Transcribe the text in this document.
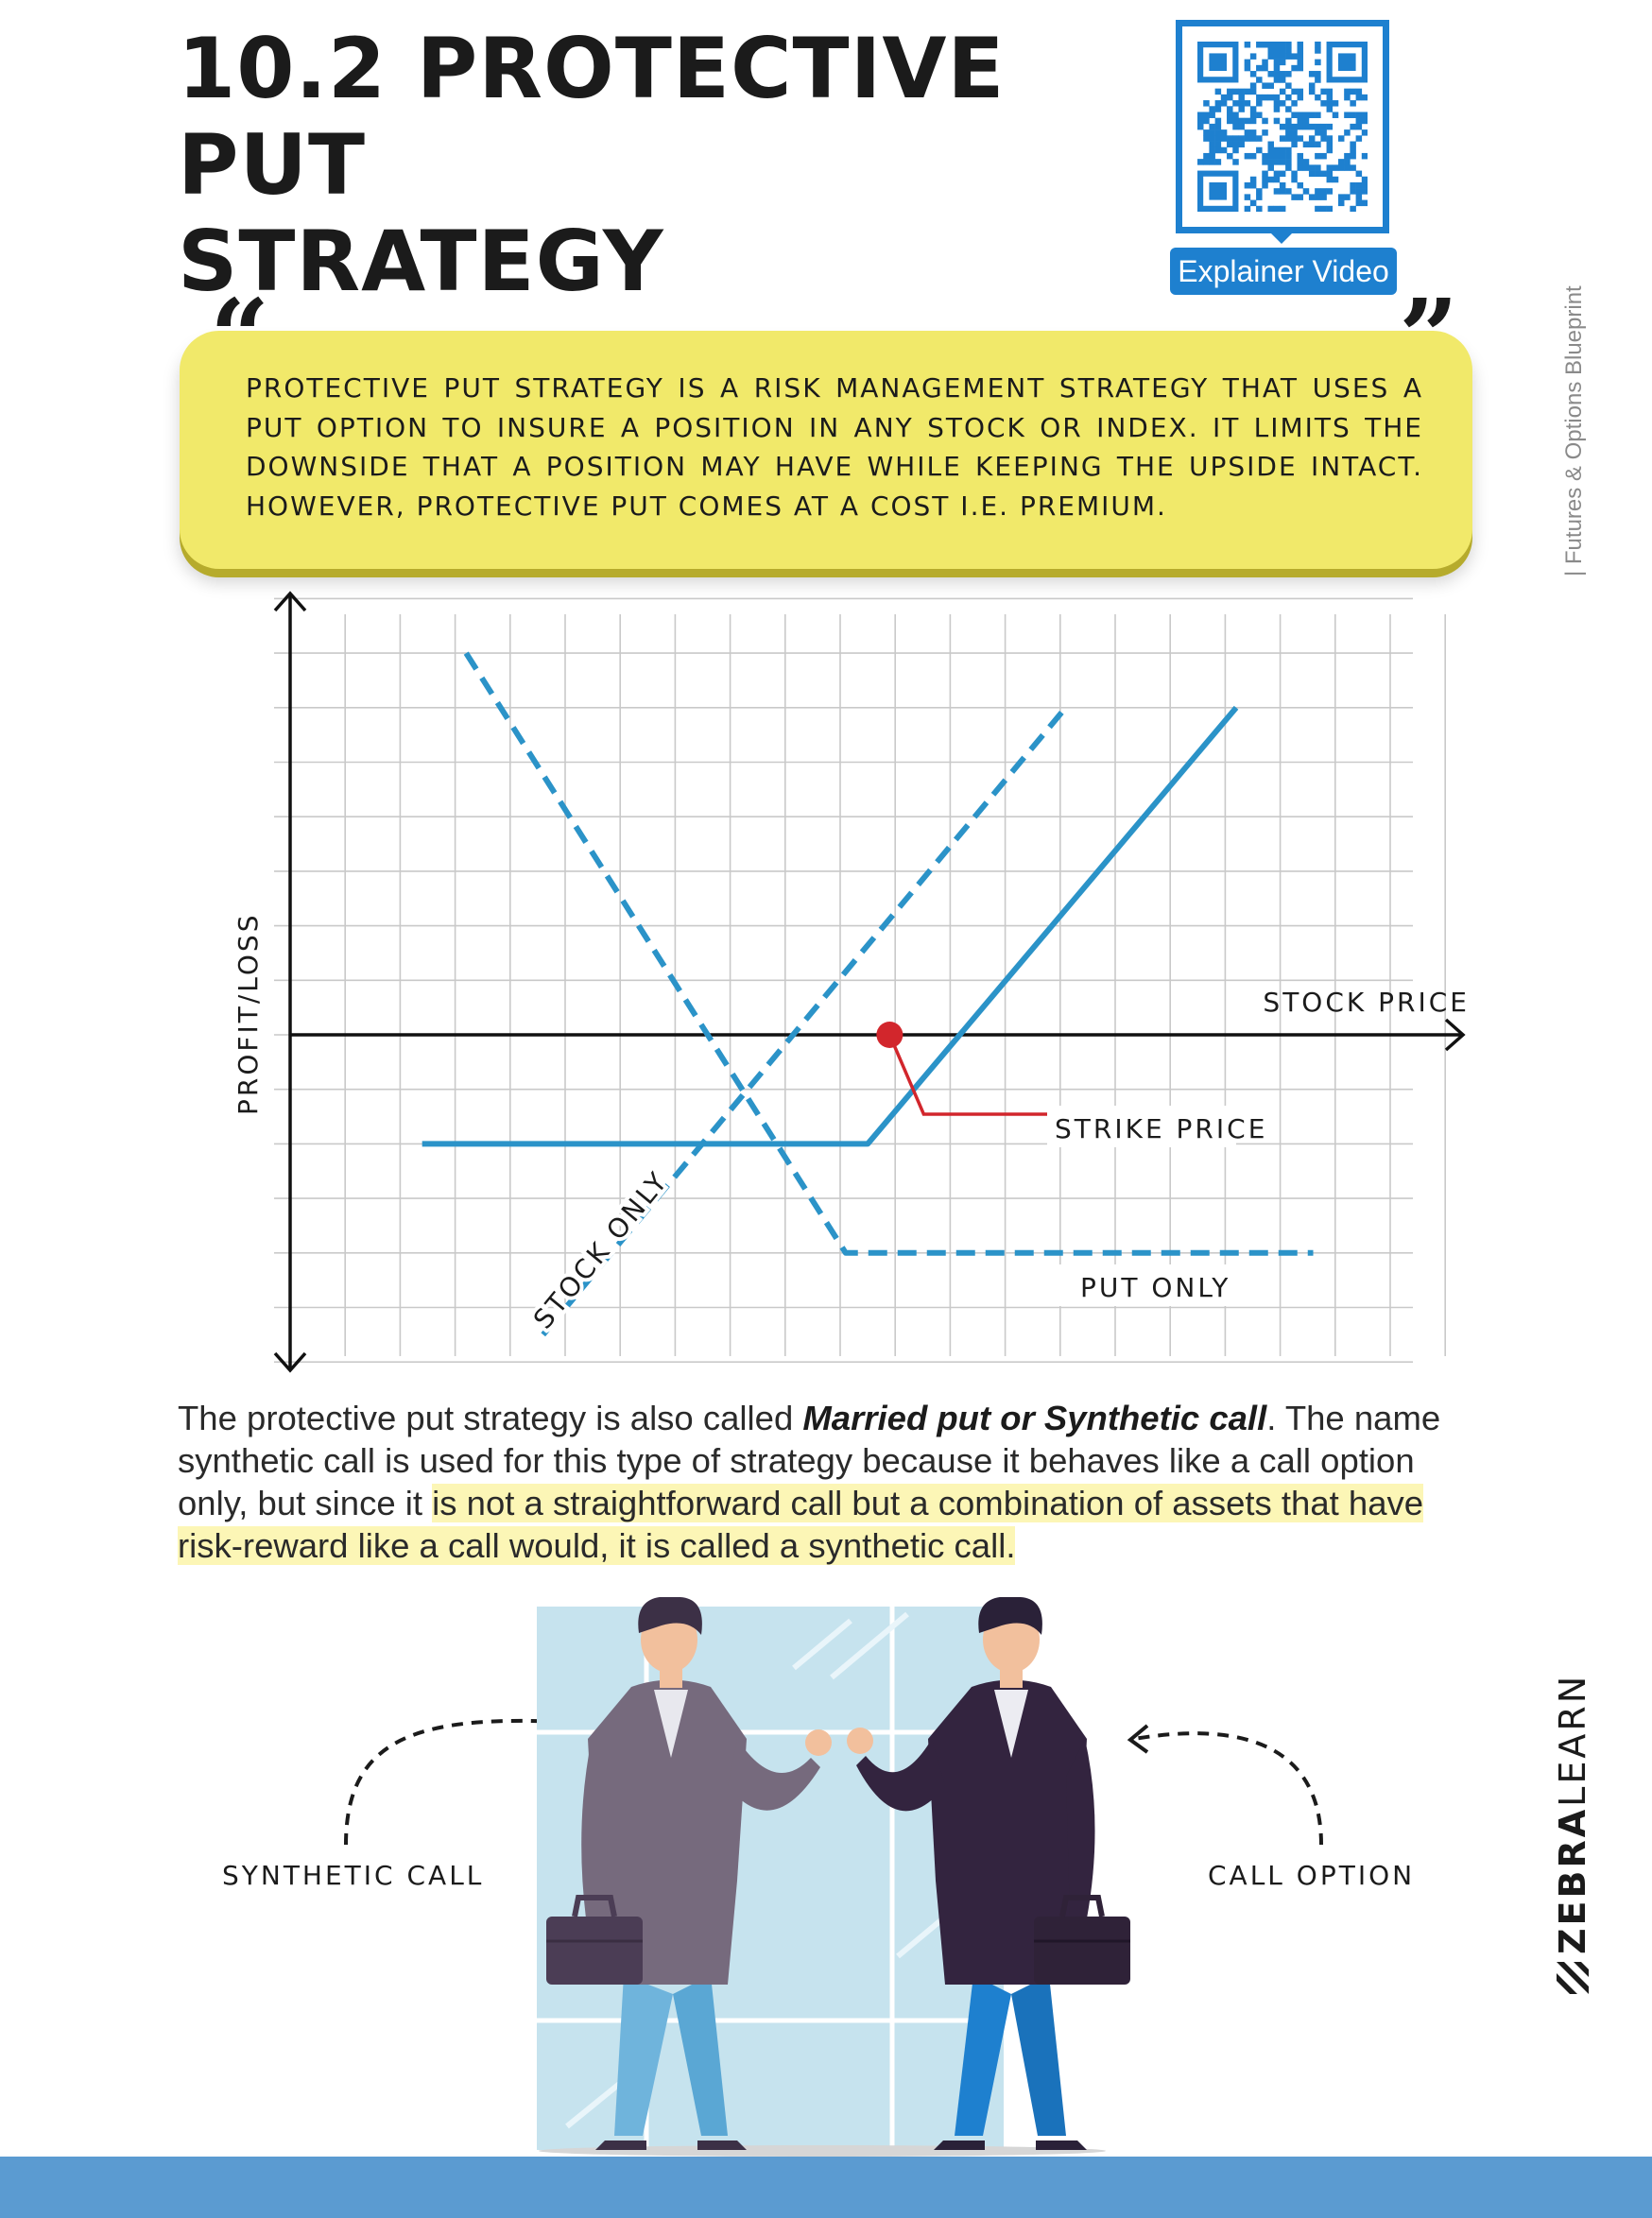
10.2 PROTECTIVE PUT
STRATEGY	Explainer Video
| Futures & Options Blueprint

PROTECTIVE PUT STRATEGY IS A RISK MANAGEMENT STRATEGY THAT USES A PUT OPTION TO INSURE A POSITION IN ANY STOCK OR INDEX. IT LIMITS THE DOWNSIDE THAT A POSITION MAY HAVE WHILE KEEPING THE UPSIDE INTACT. HOWEVER, PROTECTIVE PUT COMES AT A COST I.E. PREMIUM.

”
STOCK PRICE
PROFIT/LOSS
STRIKE PRICE
PUT ONLY
STOCK ONLY

The protective put strategy is also called Married put or Synthetic call. The name synthetic call is used for this type of strategy because it behaves like a call option only, but since it is not a straightforward call but a combination of assets that have risk-reward like a call would, it is called a synthetic call.

SYNTHETIC CALL	CALL OPTION	ZEBRALEARN
